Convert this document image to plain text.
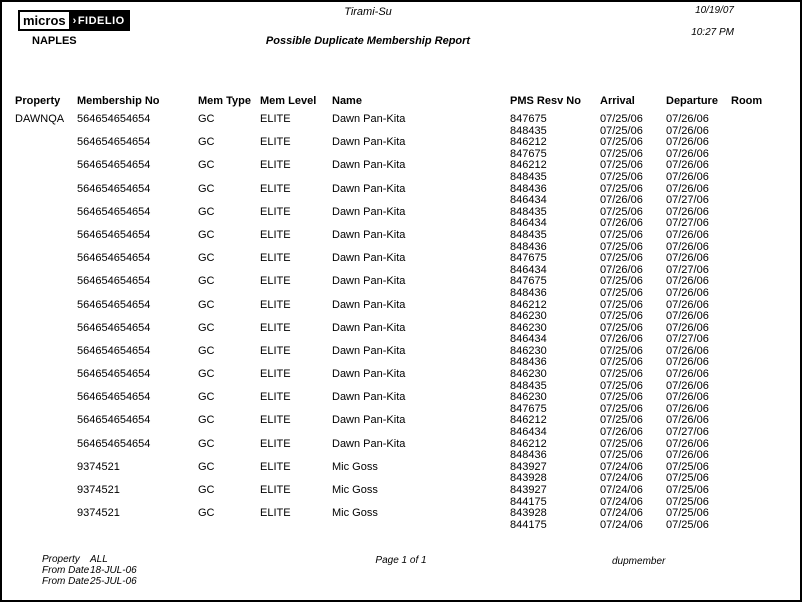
micros › FIDELIO
NAPLES
Tirami-Su
Possible Duplicate Membership Report
10/19/07
10:27 PM
Property Membership No	Mem Type Mem Level Name	PMS Resv No Arrival	Departure Room
DAWNQA 564654654654	GC	ELITE	Dawn Pan-Kita	847675	07/25/06 07/26/06
848435	07/25/06 07/26/06
564654654654	GC	ELITE	Dawn Pan-Kita	846212	07/25/06 07/26/06
847675	07/25/06 07/26/06
564654654654	GC	ELITE	Dawn Pan-Kita	846212	07/25/06 07/26/06
848435	07/25/06 07/26/06
564654654654	GC	ELITE	Dawn Pan-Kita	848436	07/25/06 07/26/06
846434	07/26/06 07/27/06
564654654654	GC	ELITE	Dawn Pan-Kita	848435	07/25/06 07/26/06
846434	07/26/06 07/27/06
564654654654	GC	ELITE	Dawn Pan-Kita	848435	07/25/06 07/26/06
848436	07/25/06 07/26/06
564654654654	GC	ELITE	Dawn Pan-Kita	847675	07/25/06 07/26/06
846434	07/26/06 07/27/06
564654654654	GC	ELITE	Dawn Pan-Kita	847675	07/25/06 07/26/06
848436	07/25/06 07/26/06
564654654654	GC	ELITE	Dawn Pan-Kita	846212	07/25/06 07/26/06
846230	07/25/06 07/26/06
564654654654	GC	ELITE	Dawn Pan-Kita	846230	07/25/06 07/26/06
846434	07/26/06 07/27/06
564654654654	GC	ELITE	Dawn Pan-Kita	846230	07/25/06 07/26/06
848436	07/25/06 07/26/06
564654654654	GC	ELITE	Dawn Pan-Kita	846230	07/25/06 07/26/06
848435	07/25/06 07/26/06
564654654654	GC	ELITE	Dawn Pan-Kita	846230	07/25/06 07/26/06
847675	07/25/06 07/26/06
564654654654	GC	ELITE	Dawn Pan-Kita	846212	07/25/06 07/26/06
846434	07/26/06 07/27/06
564654654654	GC	ELITE	Dawn Pan-Kita	846212	07/25/06 07/26/06
848436	07/25/06 07/26/06
9374521	GC	ELITE	Mic Goss	843927	07/24/06 07/25/06
843928	07/24/06 07/25/06
9374521	GC	ELITE	Mic Goss	843927	07/24/06 07/25/06
844175	07/24/06 07/25/06
9374521	GC	ELITE	Mic Goss	843928	07/24/06 07/25/06
844175	07/24/06 07/25/06
Property ALL
From Date18-JUL-06
From Date25-JUL-06
Page 1 of 1	dupmember
